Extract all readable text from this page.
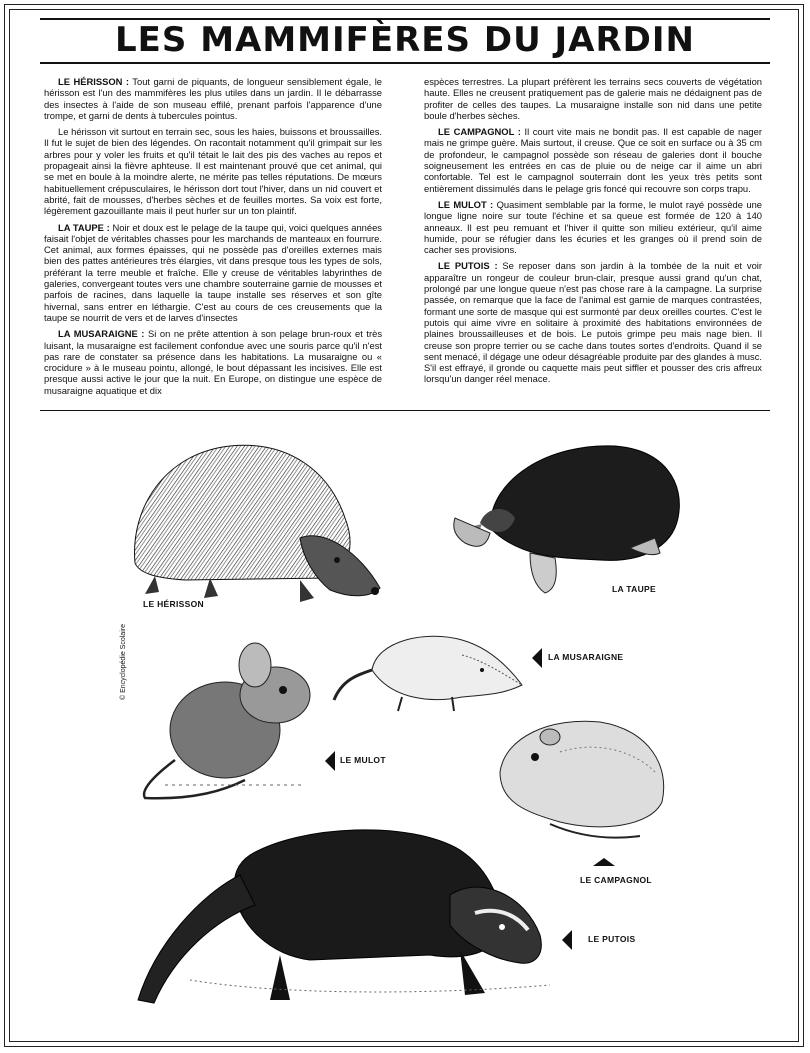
LES MAMMIFÈRES DU JARDIN

LE HÉRISSON : Tout garni de piquants, de longueur sensiblement égale, le hérisson est l'un des mammifères les plus utiles dans un jardin. Il le débarrasse des insectes à l'aide de son museau effilé, prenant parfois l'apparence d'une trompe, et garni de dents à tubercules pointus.

Le hérisson vit surtout en terrain sec, sous les haies, buissons et broussailles. Il fut le sujet de bien des légendes. On racontait notamment qu'il grimpait sur les arbres pour y voler les fruits et qu'il tétait le lait des pis des vaches au repos et propageait ainsi la fièvre aphteuse. Il est maintenant prouvé que cet animal, qui se met en boule à la moindre alerte, ne mérite pas telles réputations. De mœurs habituellement crépusculaires, le hérisson dort tout l'hiver, dans un nid couvert et abrité, fait de mousses, d'herbes sèches et de feuilles mortes. Sa voix est forte, légèrement gazouillante mais il peut hurler sur un ton plaintif.

LA TAUPE : Noir et doux est le pelage de la taupe qui, voici quelques années faisait l'objet de véritables chasses pour les marchands de manteaux en fourrure. Cet animal, aux formes épaisses, qui ne possède pas d'oreilles externes mais bien des pattes antérieures très élargies, vit dans presque tous les types de sols, préférant la terre meuble et fraîche. Elle y creuse de véritables labyrinthes de galeries, convergeant toutes vers une chambre souterraine garnie de mousses et parfois de racines, dans laquelle la taupe installe ses réserves et son gîte hivernal, sans entrer en léthargie. C'est au cours de ces creusements que la taupe se nourrit de vers et de larves d'insectes

LA MUSARAIGNE : Si on ne prête attention à son pelage brun-roux et très luisant, la musaraigne est facilement confondue avec une souris parce qu'il n'est pas rare de constater sa présence dans les habitations. La musaraigne ou « crocidure » à le museau pointu, allongé, le bout dépassant les incisives. Elle est presque aussi active le jour que la nuit. En Europe, on distingue une espèce de musaraigne aquatique et dix

espèces terrestres. La plupart préfèrent les terrains secs couverts de végétation haute. Elles ne creusent pratiquement pas de galerie mais ne dédaignent pas de profiter de celles des taupes. La musaraigne installe son nid dans une petite boule d'herbes sèches.

LE CAMPAGNOL : Il court vite mais ne bondit pas. Il est capable de nager mais ne grimpe guère. Mais surtout, il creuse. Que ce soit en surface ou à 35 cm de profondeur, le campagnol possède son réseau de galeries dont il bouche soigneusement les entrées en cas de pluie ou de neige car il aime un abri confortable. Tel est le campagnol souterrain dont les yeux très petits sont entièrement dissimulés dans le pelage gris foncé qui recouvre son corps trapu.

LE MULOT : Quasiment semblable par la forme, le mulot rayé possède une longue ligne noire sur toute l'échine et sa queue est formée de 120 à 140 anneaux. Il est peu remuant et l'hiver il quitte son milieu extérieur, qu'il aime humide, pour se réfugier dans les écuries et les granges où il prend soin de cacher ses provisions.

LE PUTOIS : Se reposer dans son jardin à la tombée de la nuit et voir apparaître un rongeur de couleur brun-clair, presque aussi grand qu'un chat, prolongé par une longue queue n'est pas chose rare à la campagne. La surprise passée, on remarque que la face de l'animal est garnie de marques contrastées, formant une sorte de masque qui est surmonté par deux oreilles courtes. C'est le putois qui aime vivre en solitaire à proximité des habitations environnées de plaines broussailleuses et de bois. Le putois grimpe peu mais nage bien. Il creuse son propre terrier ou se cache dans toutes sortes d'endroits. Quand il se sent menacé, il dégage une odeur désagréable produite par des glandes à musc. S'il est effrayé, il gronde ou caquette mais peut siffler et pousser des cris affreux lorsqu'un danger réel menace.

LE HÉRISSON
LA TAUPE
LA MUSARAIGNE
LE MULOT
LE CAMPAGNOL
LE PUTOIS
© Encyclopédie Scolaire
